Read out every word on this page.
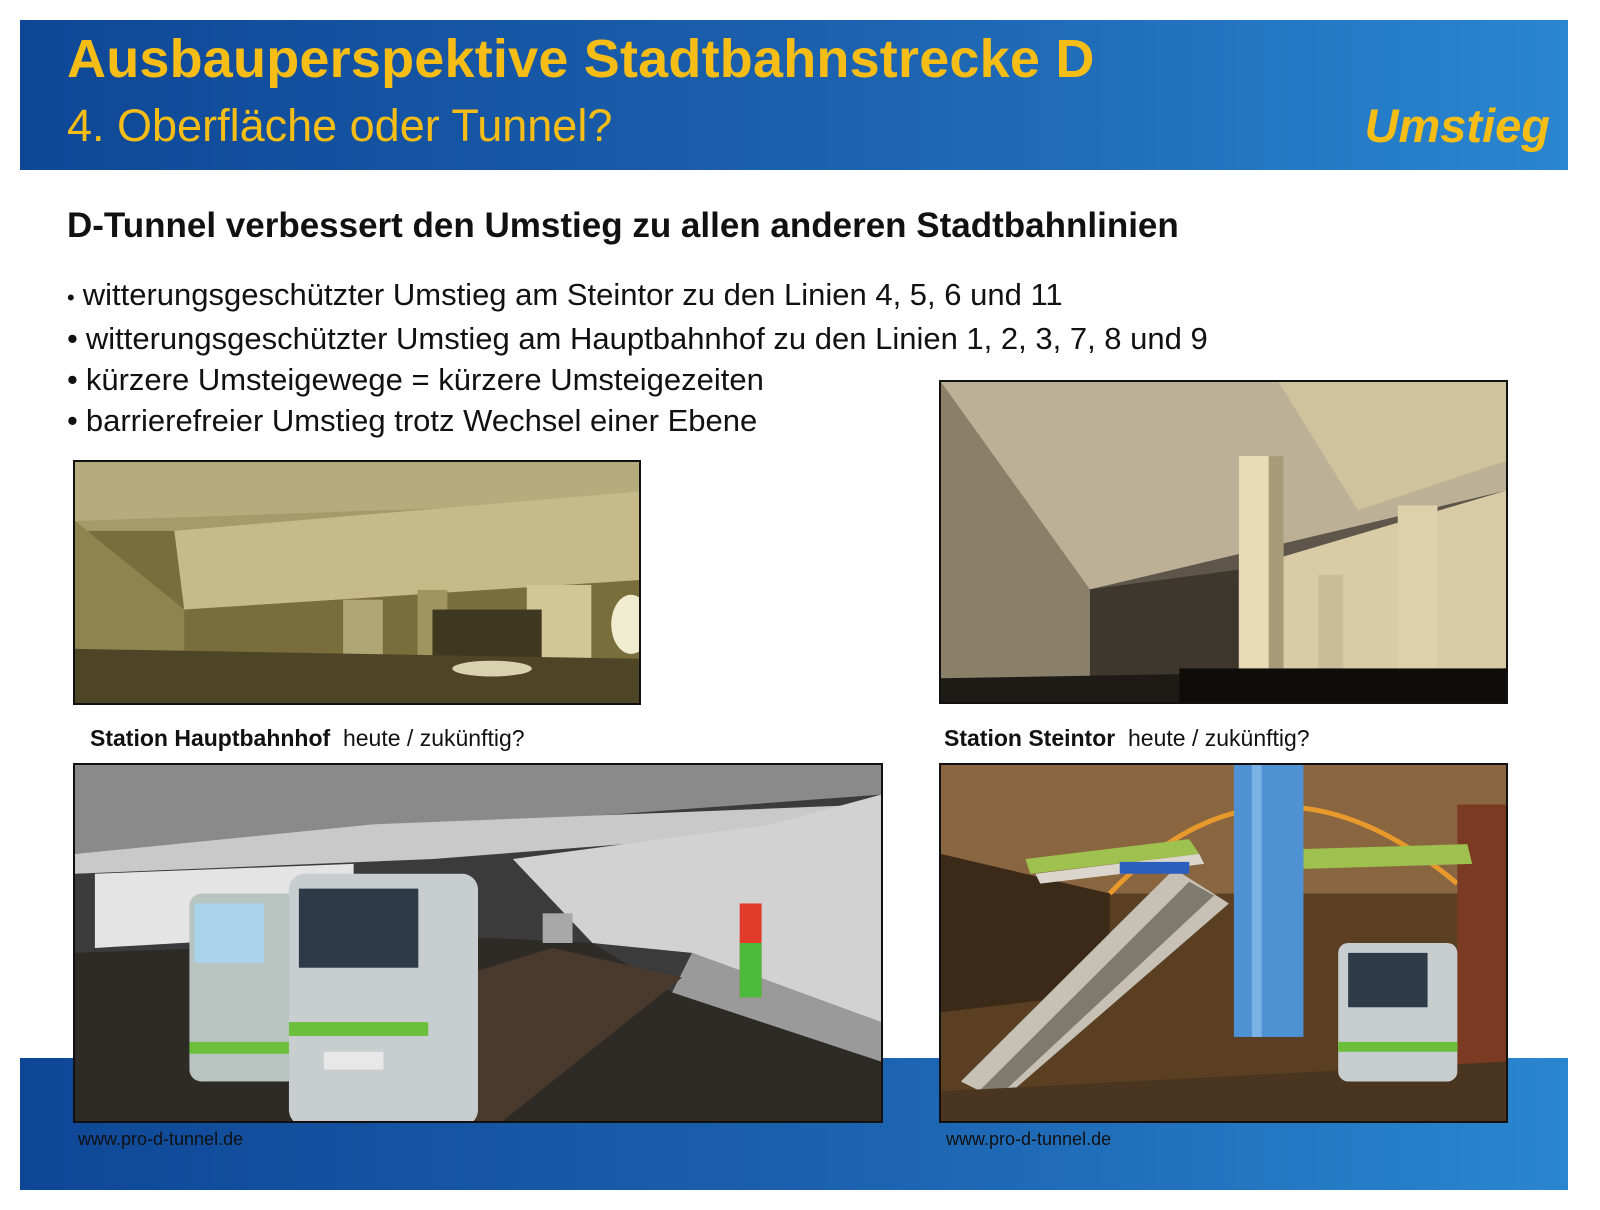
Ausbauperspektive Stadtbahnstrecke D
4. Oberfläche oder Tunnel?	Umstieg
D-Tunnel verbessert den Umstieg zu allen anderen Stadtbahnlinien
• witterungsgeschützter Umstieg am Steintor zu den Linien 4, 5, 6 und 11
• witterungsgeschützter Umstieg am Hauptbahnhof zu den Linien 1, 2, 3, 7, 8 und 9
• kürzere Umsteigewege = kürzere Umsteigezeiten
• barrierefreier Umstieg trotz Wechsel einer Ebene
Station Hauptbahnhof heute / zukünftig?	Station Steintor heute / zukünftig?
www.pro-d-tunnel.de	www.pro-d-tunnel.de
